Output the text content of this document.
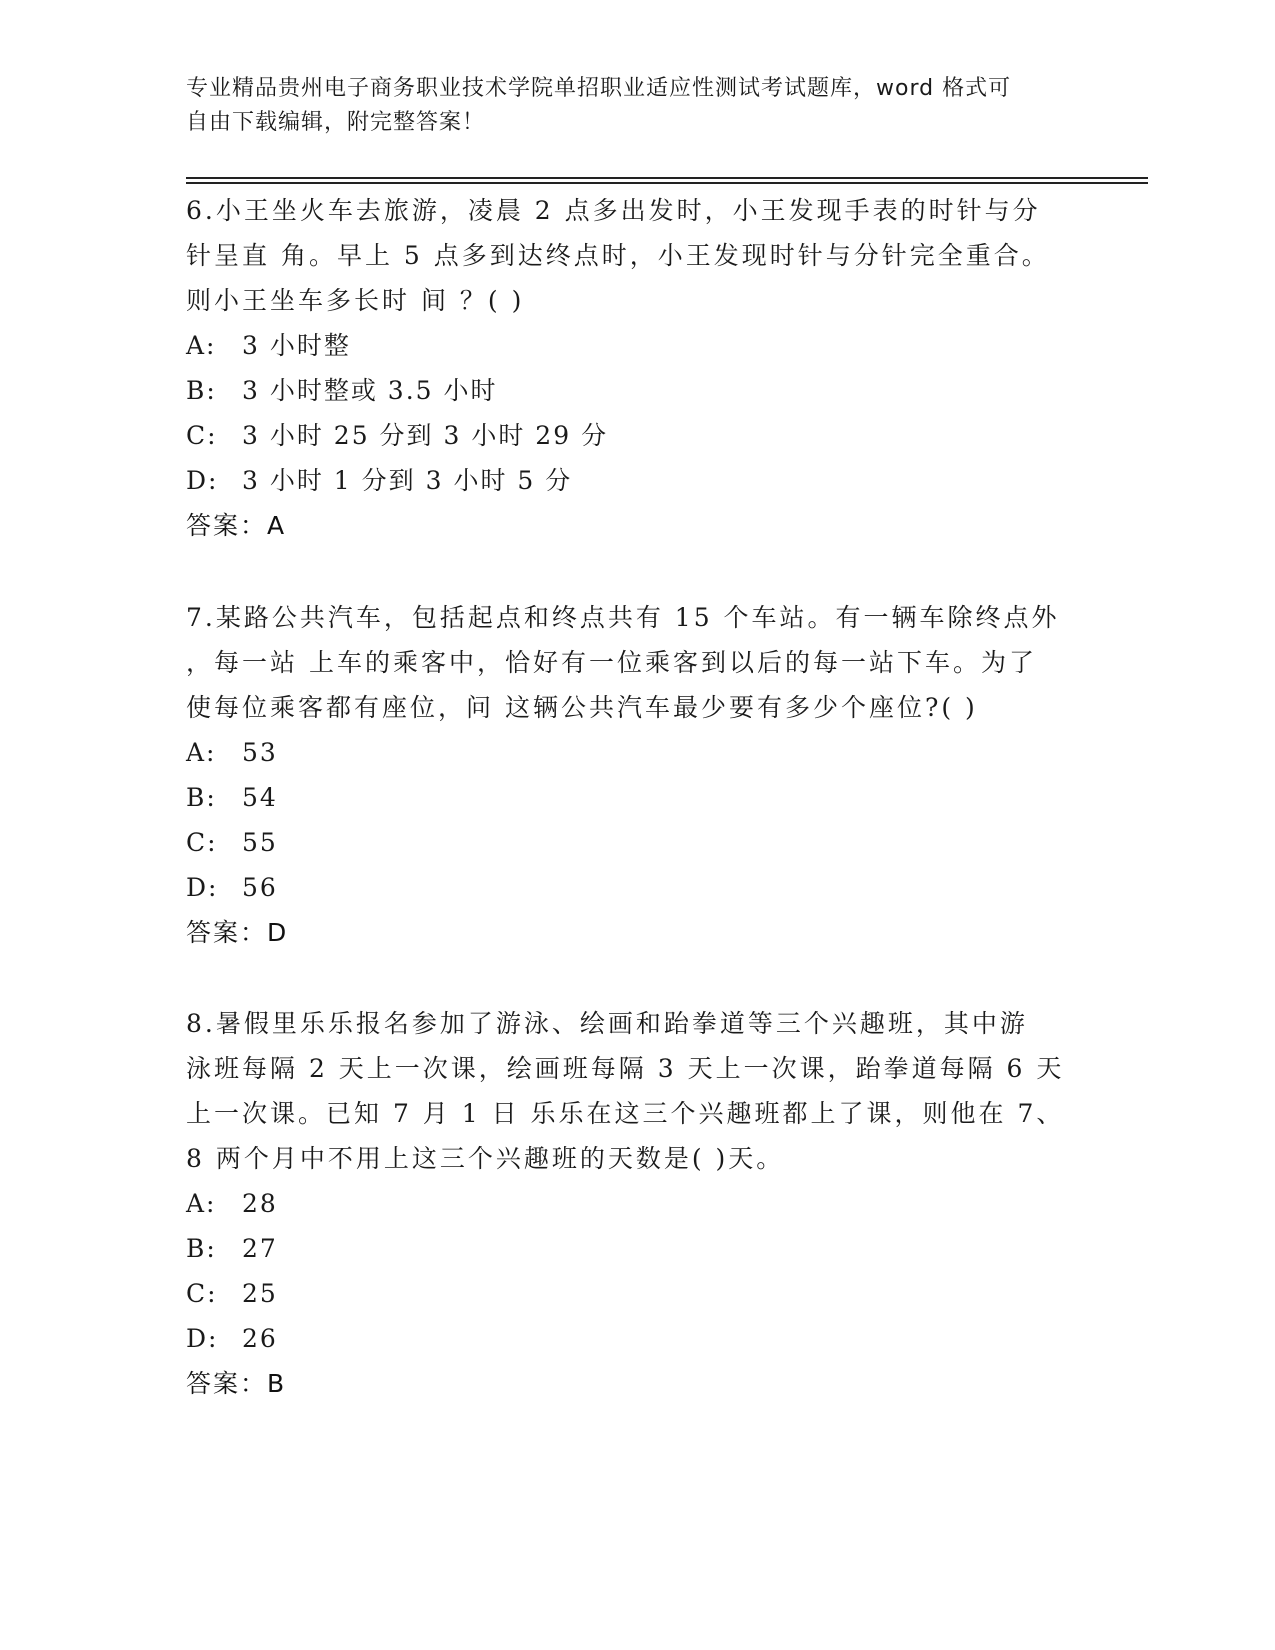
专业精品贵州电子商务职业技术学院单招职业适应性测试考试题库，word 格式可
自由下载编辑，附完整答案！

6.小王坐火车去旅游，凌晨 2 点多出发时，小王发现手表的时针与分
针呈直 角。早上 5 点多到达终点时，小王发现时针与分针完全重合。
则小王坐车多长时 间 ？( )

A:	3 小时整
B:	3 小时整或 3.5 小时
C: 3 小时 25 分到 3 小时 29 分
D: 3 小时 1 分到 3 小时 5 分

答案：A

7.某路公共汽车，包括起点和终点共有 15 个车站。有一辆车除终点外
，每一站 上车的乘客中，恰好有一位乘客到以后的每一站下车。为了
使每位乘客都有座位，问 这辆公共汽车最少要有多少个座位?( )

A:	53
B:	54
C: 55
D: 56

答案：D

8.暑假里乐乐报名参加了游泳、绘画和跆拳道等三个兴趣班，其中游
泳班每隔 2 天上一次课，绘画班每隔 3 天上一次课，跆拳道每隔 6 天
上一次课。已知 7 月 1 日 乐乐在这三个兴趣班都上了课，则他在 7、
8 两个月中不用上这三个兴趣班的天数是( )天。

A:	28
B:	27
C: 25
D: 26

答案：B
